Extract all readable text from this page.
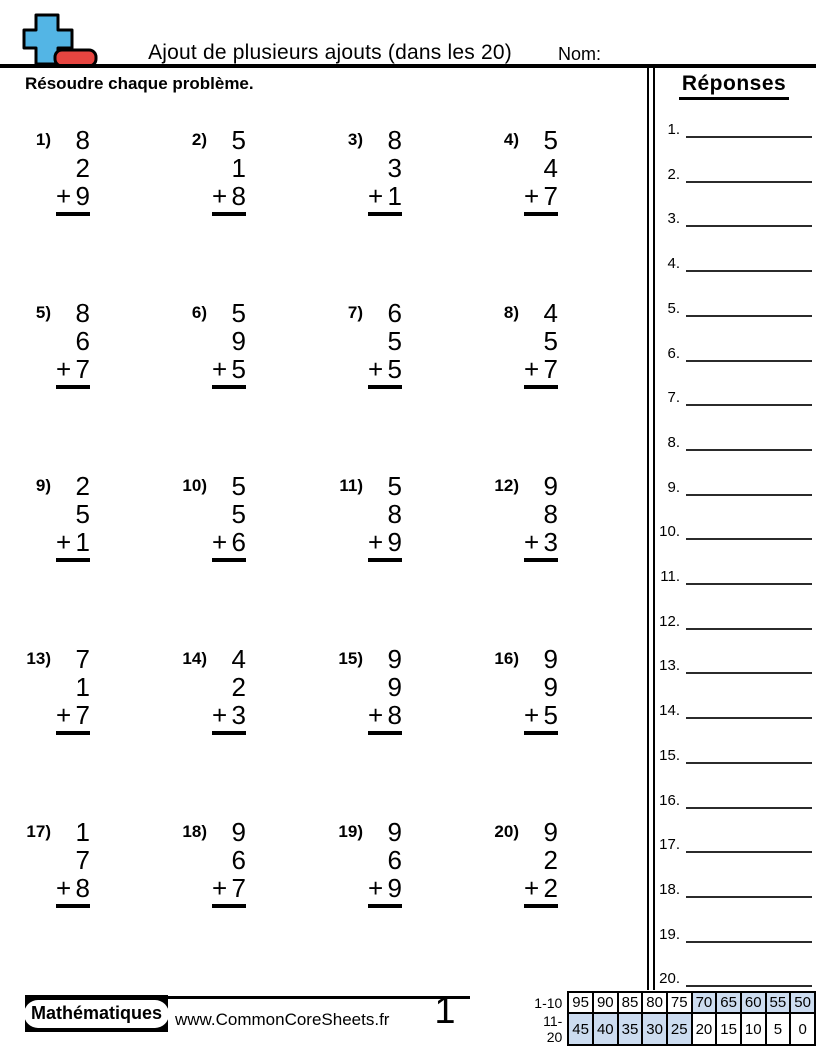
Ajout de plusieurs ajouts (dans les 20)	Nom:
Résoudre chaque problème.
1) 8
2
+ 9
2) 5
1
+ 8
3) 8
3
+ 1
4) 5
4
+ 7
5) 8
6
+ 7
6) 5
9
+ 5
7) 6
5
+ 5
8) 4
5
+ 7
9) 2
5
+ 1
10) 5
5
+ 6
11) 5
8
+ 9
12) 9
8
+ 3
13) 7
1
+ 7
14) 4
2
+ 3
15) 9
9
+ 8
16) 9
9
+ 5
17) 1
7
+ 8
18) 9
6
+ 7
19) 9
6
+ 9
20) 9
2
+ 2
Réponses
1.
2.
3.
4.
5.
6.
7.
8.
9.
10.
11.
12.
13.
14.
15.
16.
17.
18.
19.
20.
Mathématiques www.CommonCoreSheets.fr	1	1-10	95	90	85	80	75	70	65	60	55	50
11-20	45	40	35	30	25	20	15	10	5	0
